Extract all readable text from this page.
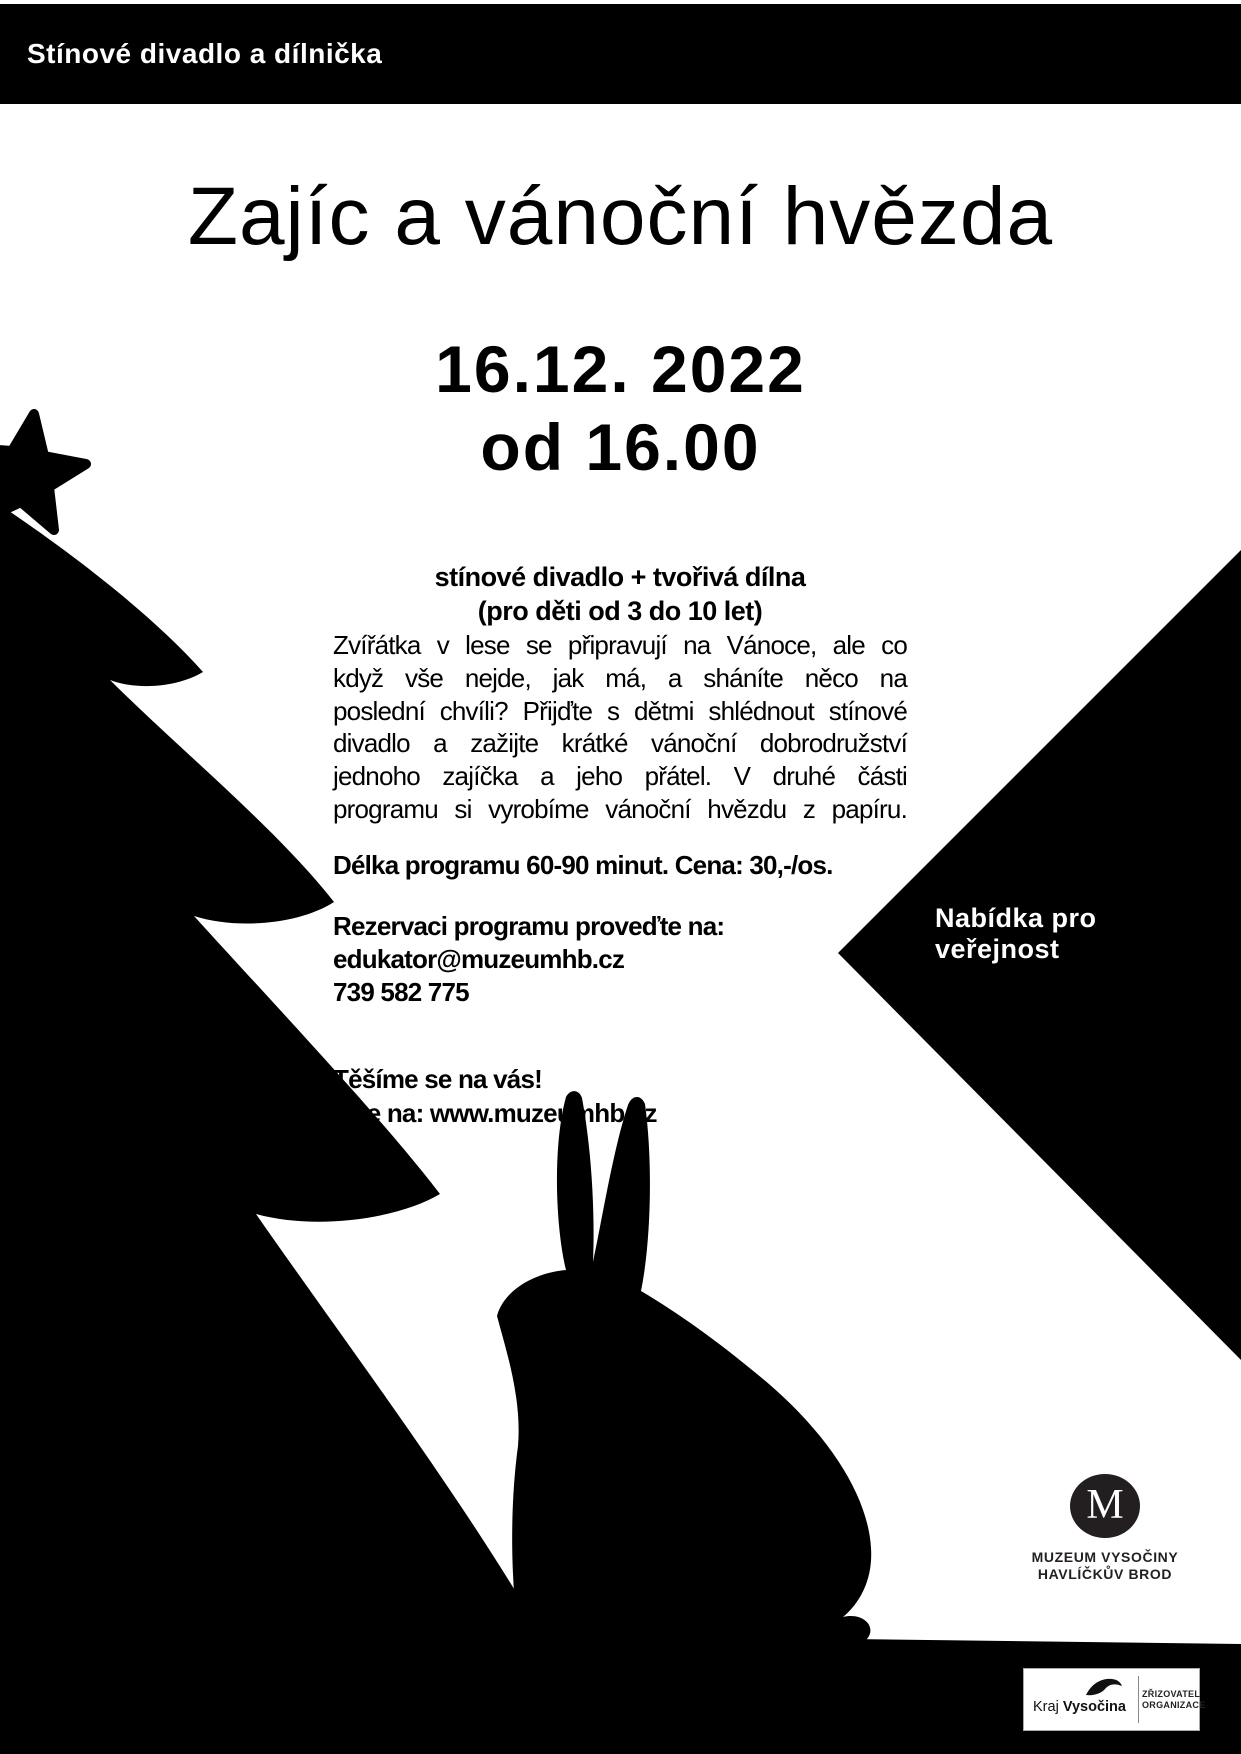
Stínové divadlo a dílnička
Zajíc a vánoční hvězda
16.12. 2022
od 16.00
stínové divadlo + tvořivá dílna
(pro děti od 3 do 10 let)
Zvířátka v lese se připravují na Vánoce, ale co
když vše nejde, jak má, a sháníte něco na
poslední chvíli? Přijďte s dětmi shlédnout stínové
divadlo a zažijte krátké vánoční dobrodružství
jednoho zajíčka a jeho přátel. V druhé části
programu si vyrobíme vánoční hvězdu z papíru.
Délka programu 60-90 minut. Cena: 30,-/os.
Rezervaci programu proveďte na:
edukator@muzeumhb.cz
739 582 775
Těšíme se na vás!
více na: www.muzeumhb.cz
Nabídka pro
veřejnost
M
MUZEUM VYSOČINY
HAVLÍČKŮV BROD
Kraj Vysočina
ZŘIZOVATEL
ORGANIZACE
